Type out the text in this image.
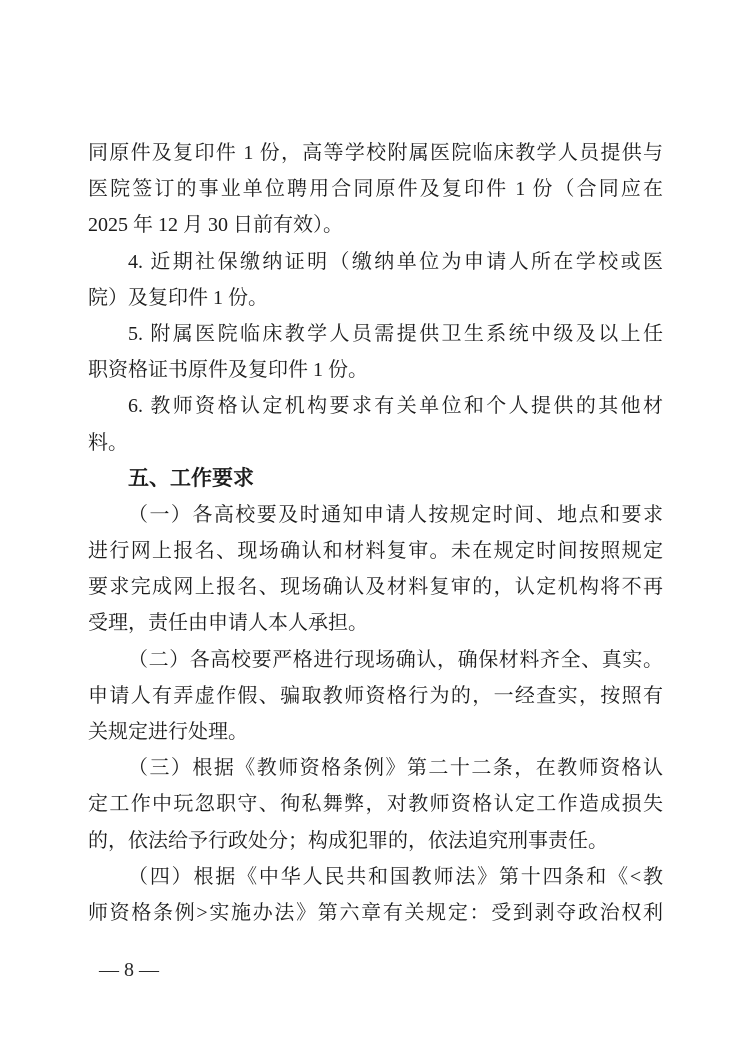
同原件及复印件 1 份，高等学校附属医院临床教学人员提供与
医院签订的事业单位聘用合同原件及复印件 1 份（合同应在
2025 年 12 月 30 日前有效）。
4. 近期社保缴纳证明（缴纳单位为申请人所在学校或医
院）及复印件 1 份。
5. 附属医院临床教学人员需提供卫生系统中级及以上任
职资格证书原件及复印件 1 份。
6. 教师资格认定机构要求有关单位和个人提供的其他材
料。
五、工作要求
（一）各高校要及时通知申请人按规定时间、地点和要求
进行网上报名、现场确认和材料复审。未在规定时间按照规定
要求完成网上报名、现场确认及材料复审的，认定机构将不再
受理，责任由申请人本人承担。
（二）各高校要严格进行现场确认，确保材料齐全、真实。
申请人有弄虚作假、骗取教师资格行为的，一经查实，按照有
关规定进行处理。
（三）根据《教师资格条例》第二十二条，在教师资格认
定工作中玩忽职守、徇私舞弊，对教师资格认定工作造成损失
的，依法给予行政处分；构成犯罪的，依法追究刑事责任。
（四）根据《中华人民共和国教师法》第十四条和《<教
师资格条例>实施办法》第六章有关规定：受到剥夺政治权利
— 8 —
